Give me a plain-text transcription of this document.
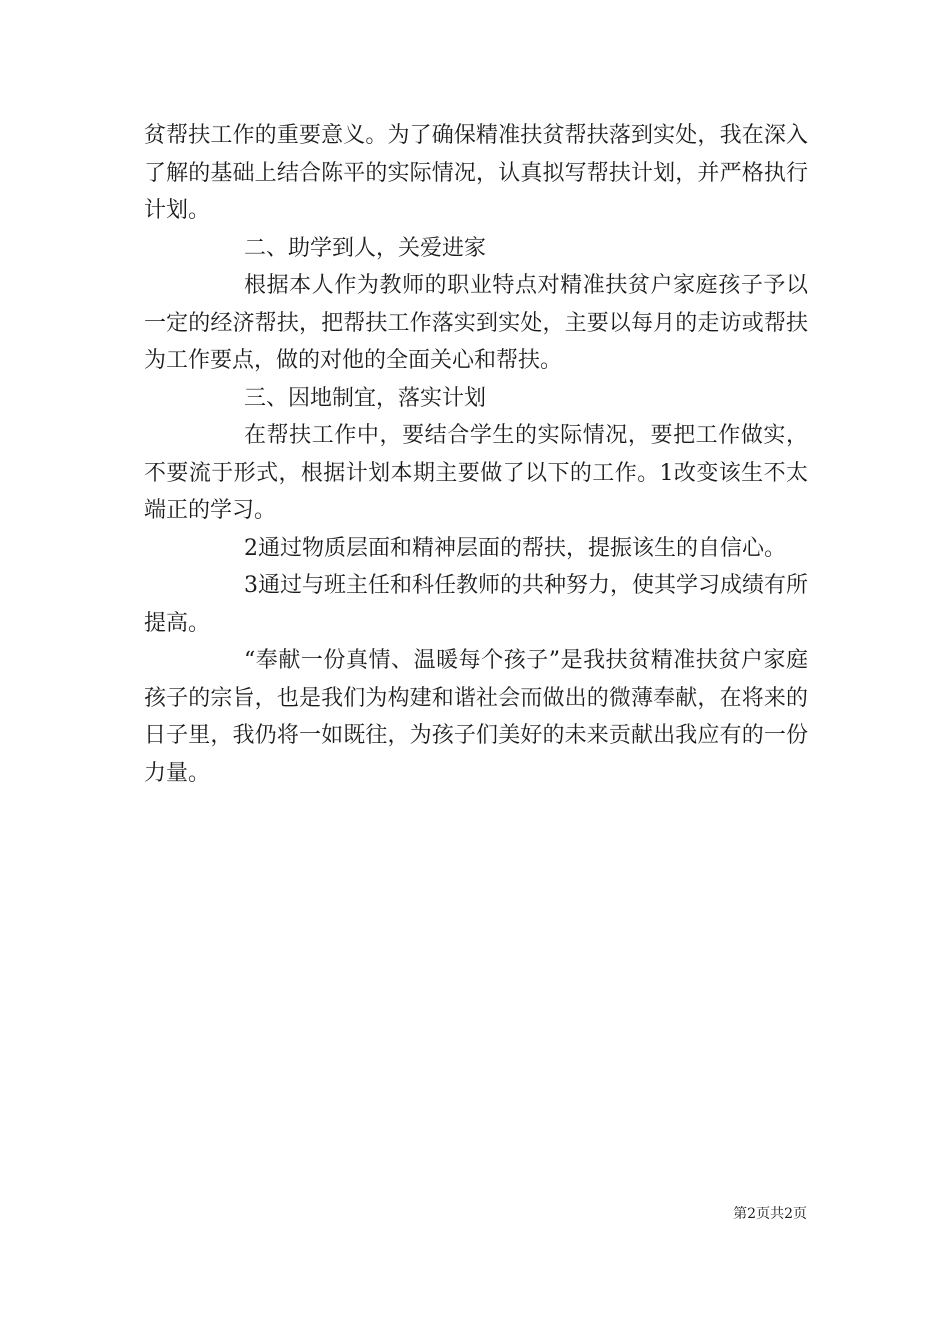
贫帮扶工作的重要意义。为了确保精准扶贫帮扶落到实处，我在深入了解的基础上结合陈平的实际情况，认真拟写帮扶计划，并严格执行计划。

二、助学到人，关爱进家

根据本人作为教师的职业特点对精准扶贫户家庭孩子予以一定的经济帮扶，把帮扶工作落实到实处，主要以每月的走访或帮扶为工作要点，做的对他的全面关心和帮扶。

三、因地制宜，落实计划

在帮扶工作中，要结合学生的实际情况，要把工作做实，不要流于形式，根据计划本期主要做了以下的工作。1改变该生不太端正的学习。

2通过物质层面和精神层面的帮扶，提振该生的自信心。

3通过与班主任和科任教师的共种努力，使其学习成绩有所提高。

“奉献一份真情、温暖每个孩子”是我扶贫精准扶贫户家庭孩子的宗旨，也是我们为构建和谐社会而做出的微薄奉献，在将来的日子里，我仍将一如既往，为孩子们美好的未来贡献出我应有的一份力量。

第2页共2页
